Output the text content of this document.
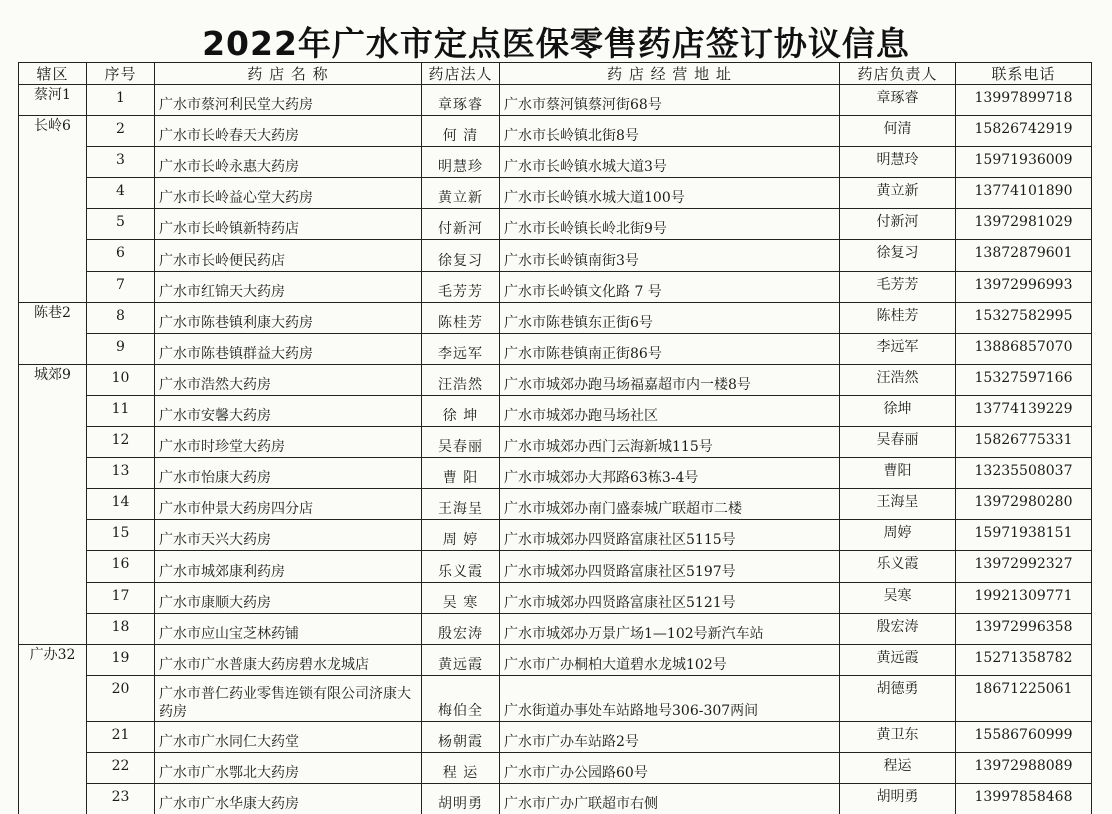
2022年广水市定点医保零售药店签订协议信息
辖区	序号	药 店 名 称	药店法人	药 店 经 营 地 址	药店负责人	联系电话
蔡河1	1	广水市蔡河利民堂大药房	章琢睿	广水市蔡河镇蔡河街68号	章琢睿	13997899718
长岭6	2	广水市长岭春天大药房	何 清	广水市长岭镇北街8号	何清	15826742919
	3	广水市长岭永惠大药房	明慧珍	广水市长岭镇水城大道3号	明慧玲	15971936009
	4	广水市长岭益心堂大药房	黄立新	广水市长岭镇水城大道100号	黄立新	13774101890
	5	广水市长岭镇新特药店	付新河	广水市长岭镇长岭北街9号	付新河	13972981029
	6	广水市长岭便民药店	徐复习	广水市长岭镇南街3号	徐复习	13872879601
	7	广水市红锦天大药房	毛芳芳	广水市长岭镇文化路 7 号	毛芳芳	13972996993
陈巷2	8	广水市陈巷镇利康大药房	陈桂芳	广水市陈巷镇东正街6号	陈桂芳	15327582995
	9	广水市陈巷镇群益大药房	李远军	广水市陈巷镇南正街86号	李远军	13886857070
城郊9	10	广水市浩然大药房	汪浩然	广水市城郊办跑马场福嘉超市内一楼8号	汪浩然	15327597166
	11	广水市安馨大药房	徐 坤	广水市城郊办跑马场社区	徐坤	13774139229
	12	广水市时珍堂大药房	吴春丽	广水市城郊办西门云海新城115号	吴春丽	15826775331
	13	广水市怡康大药房	曹 阳	广水市城郊办大邦路63栋3-4号	曹阳	13235508037
	14	广水市仲景大药房四分店	王海呈	广水市城郊办南门盛泰城广联超市二楼	王海呈	13972980280
	15	广水市天兴大药房	周 婷	广水市城郊办四贤路富康社区5115号	周婷	15971938151
	16	广水市城郊康利药房	乐义霞	广水市城郊办四贤路富康社区5197号	乐义霞	13972992327
	17	广水市康顺大药房	吴 寒	广水市城郊办四贤路富康社区5121号	吴寒	19921309771
	18	广水市应山宝芝林药铺	殷宏涛	广水市城郊办万景广场1—102号新汽车站	殷宏涛	13972996358
广办32	19	广水市广水普康大药房碧水龙城店	黄远霞	广水市广办桐柏大道碧水龙城102号	黄远霞	15271358782
	20	广水市普仁药业零售连锁有限公司济康大药房	梅伯全	广水街道办事处车站路地号306-307两间	胡德勇	18671225061
	21	广水市广水同仁大药堂	杨朝霞	广水市广办车站路2号	黄卫东	15586760999
	22	广水市广水鄂北大药房	程 运	广水市广办公园路60号	程运	13972988089
	23	广水市广水华康大药房	胡明勇	广水市广办广联超市右侧	胡明勇	13997858468
